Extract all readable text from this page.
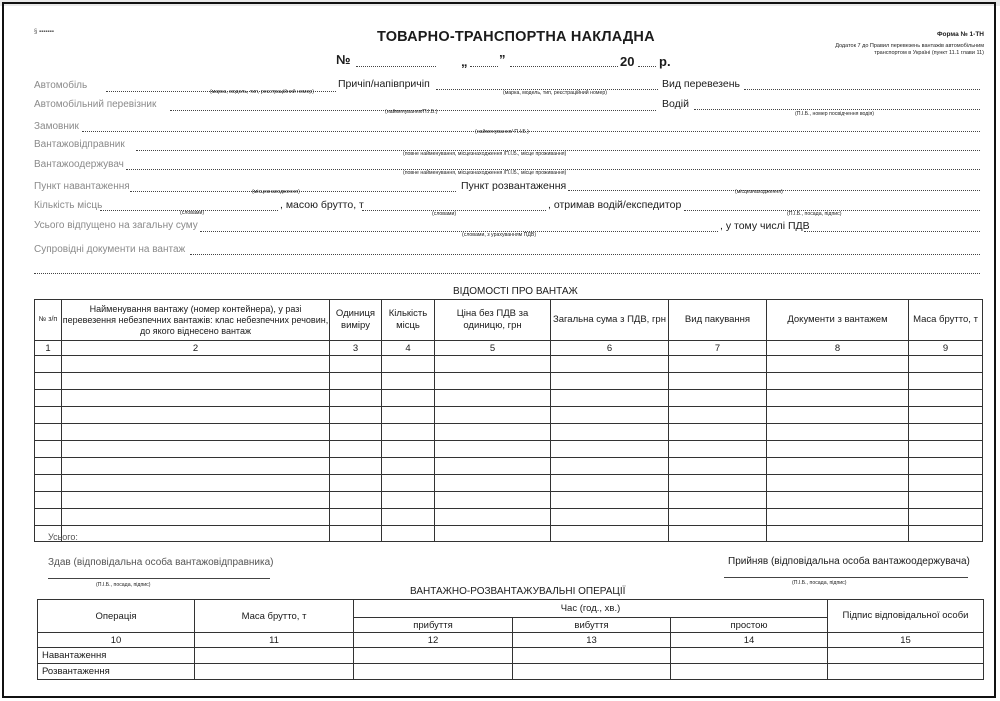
§ ▪▪▪▪▪▪▪	ТОВАРНО-ТРАНСПОРТНА НАКЛАДНА	Форма № 1-ТН
Додаток 7 до Правил перевезень вантажів автомобільним транспортом в Україні (пункт 11.1 глави 11)
№	„ ”	20 р.
Автомобіль
(марка, модель, тип, реєстраційний номер)
Причіп/напівпричіп
(марка, модель, тип, реєстраційний номер)
Вид перевезень
Автомобільний перевізник
(найменування/П.І.Б.)
Водій
(П.І.Б., номер посвідчення водія)
Замовник	(найменування/ П.І.Б.)
Вантажовідправник
(повне найменування, місцезнаходження /П.І.Б., місце проживання)
Вантажоодержувач
(повне найменування, місцезнаходження /П.І.Б., місце проживання)
Пункт навантаження	(місцезнаходження)	Пункт розвантаження	(місцезнаходження)
Кількість місць
(словами)
, масою брутто, т
(словами)
, отримав водій/експедитор
(П.І.Б., посада, підпис)
Усього відпущено на загальну суму
(словами, з урахуванням ПДВ)
, у тому числі ПДВ
Супровідні документи на вантаж
ВІДОМОСТІ ПРО ВАНТАЖ
№ з/п	Найменування вантажу (номер контейнера), у разі перевезення небезпечних вантажів: клас небезпечних речовин, до якого віднесено вантаж	Одиниця виміру	Кількість місць	Ціна без ПДВ за одиницю, грн	Загальна сума з ПДВ, грн	Вид пакування	Документи з вантажем	Маса брутто, т
1	2	3	4	5	6	7	8	9

Усього:
Здав (відповідальна особа вантажовідправника)
(П.І.Б., посада, підпис)
Прийняв (відповідальна особа вантажоодержувача)
(П.І.Б., посада, підпис)
ВАНТАЖНО-РОЗВАНТАЖУВАЛЬНІ ОПЕРАЦІЇ
Операція	Маса брутто, т	Час (год., хв.)			Підпис відповідальної особи
		прибуття	вибуття	простою	
10	11	12	13	14	15
Навантаження					
Розвантаження					
